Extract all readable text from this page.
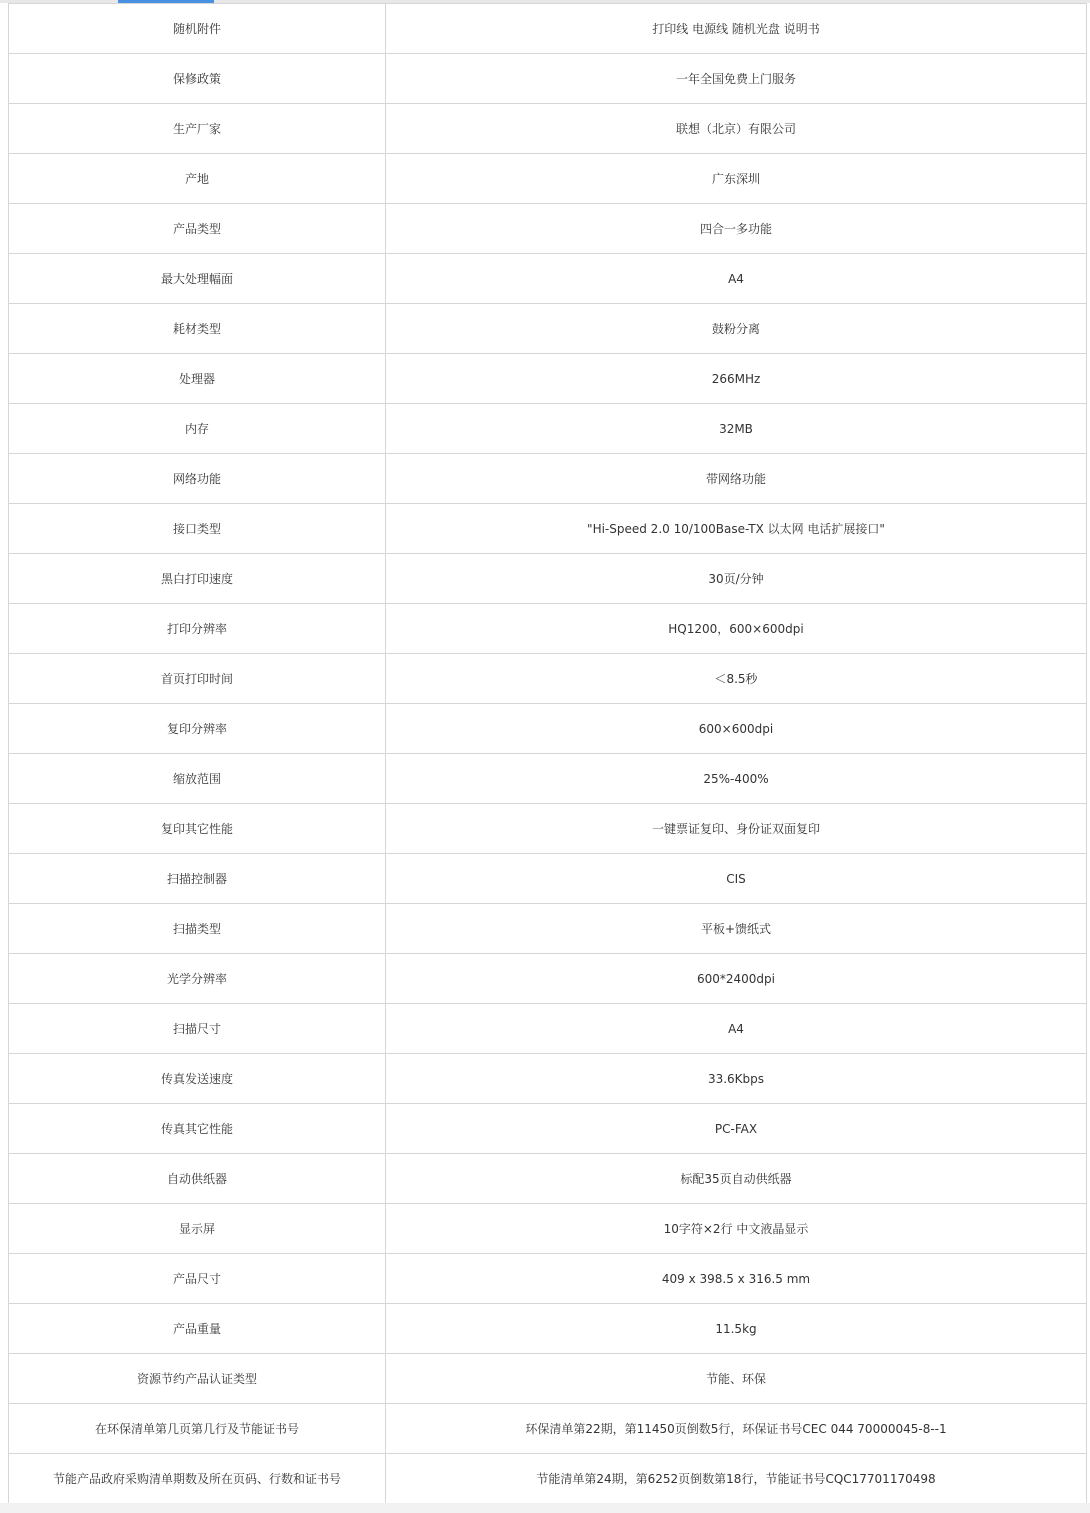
随机附件	打印线 电源线 随机光盘 说明书
保修政策	一年全国免费上门服务
生产厂家	联想（北京）有限公司
产地	广东深圳
产品类型	四合一多功能
最大处理幅面	A4
耗材类型	鼓粉分离
处理器	266MHz
内存	32MB
网络功能	带网络功能
接口类型	"Hi-Speed 2.0 10/100Base-TX 以太网 电话扩展接口"
黑白打印速度	30页/分钟
打印分辨率	HQ1200，600×600dpi
首页打印时间	＜8.5秒
复印分辨率	600×600dpi
缩放范围	25%-400%
复印其它性能	一键票证复印、身份证双面复印
扫描控制器	CIS
扫描类型	平板+馈纸式
光学分辨率	600*2400dpi
扫描尺寸	A4
传真发送速度	33.6Kbps
传真其它性能	PC-FAX
自动供纸器	标配35页自动供纸器
显示屏	10字符×2行 中文液晶显示
产品尺寸	409 x 398.5 x 316.5 mm
产品重量	11.5kg
资源节约产品认证类型	节能、环保
在环保清单第几页第几行及节能证书号	环保清单第22期，第11450页倒数5行，环保证书号CEC 044 70000045-8--1
节能产品政府采购清单期数及所在页码、行数和证书号	节能清单第24期，第6252页倒数第18行，节能证书号CQC17701170498
